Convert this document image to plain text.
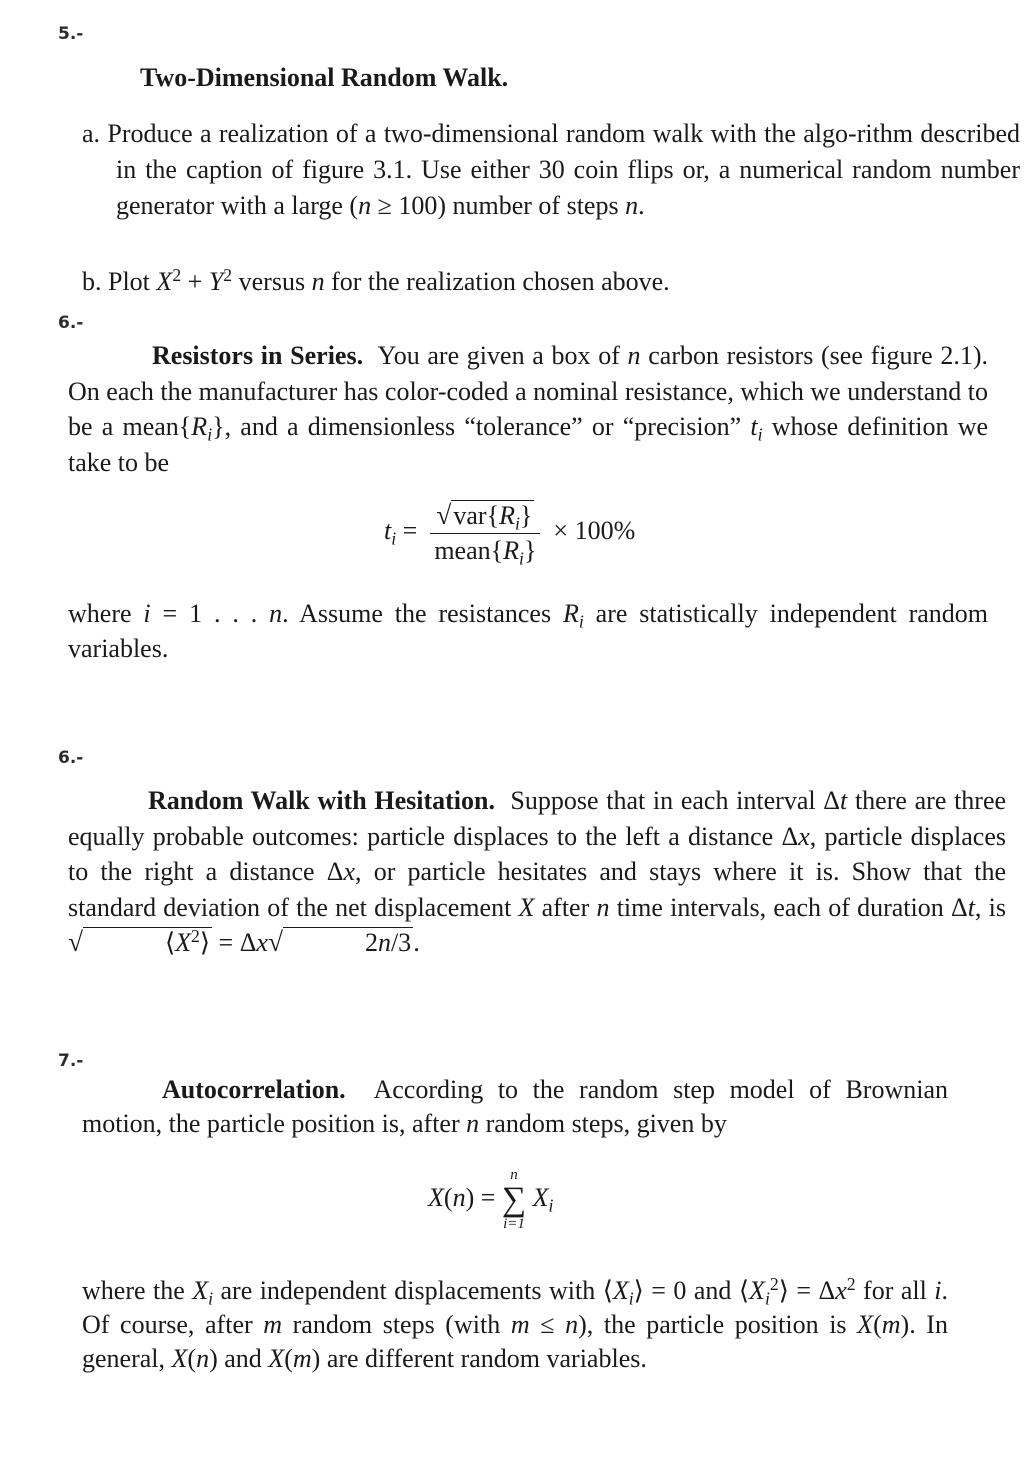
5.-
Two-Dimensional Random Walk.
a. Produce a realization of a two-dimensional random walk with the algo-rithm described in the caption of figure 3.1. Use either 30 coin flips or, a numerical random number generator with a large (n ≥ 100) number of steps n.
b. Plot $X^2 + Y^2$ versus n for the realization chosen above.
6.-
Resistors in Series. You are given a box of n carbon resistors (see figure 2.1). On each the manufacturer has color-coded a nominal resistance, which we understand to be a $mean\{R_i\}$, and a dimensionless “tolerance” or “precision” $t_i$ whose definition we take to be
$t_i = \frac{√var\{R_i\}}{mean\{R_i\}} \times 100\%$
where i = 1 . . . n. Assume the resistances $R_i$ are statistically independent random variables.
6.-
Random Walk with Hesitation. Suppose that in each interval Δt there are three equally probable outcomes: particle displaces to the left a distance Δx, particle displaces to the right a distance Δx, or particle hesitates and stays where it is. Show that the standard deviation of the net displacement X after n time intervals, each of duration Δt, is √	$⟨X^2⟩ = \Delta x√$	2n/3.
7.-
Autocorrelation. According to the random step model of Brownian motion, the particle position is, after n random steps, given by
X(n) =
n
∑
i=1
$X_i$
where the $X_i$ are independent displacements with $⟨X_i⟩ = 0$ and $⟨X_i^2⟩ = \Delta x^2$ for all i. Of course, after m random steps (with m ≤ n), the particle position is X(m). In general, X(n) and X(m) are different random variables.
